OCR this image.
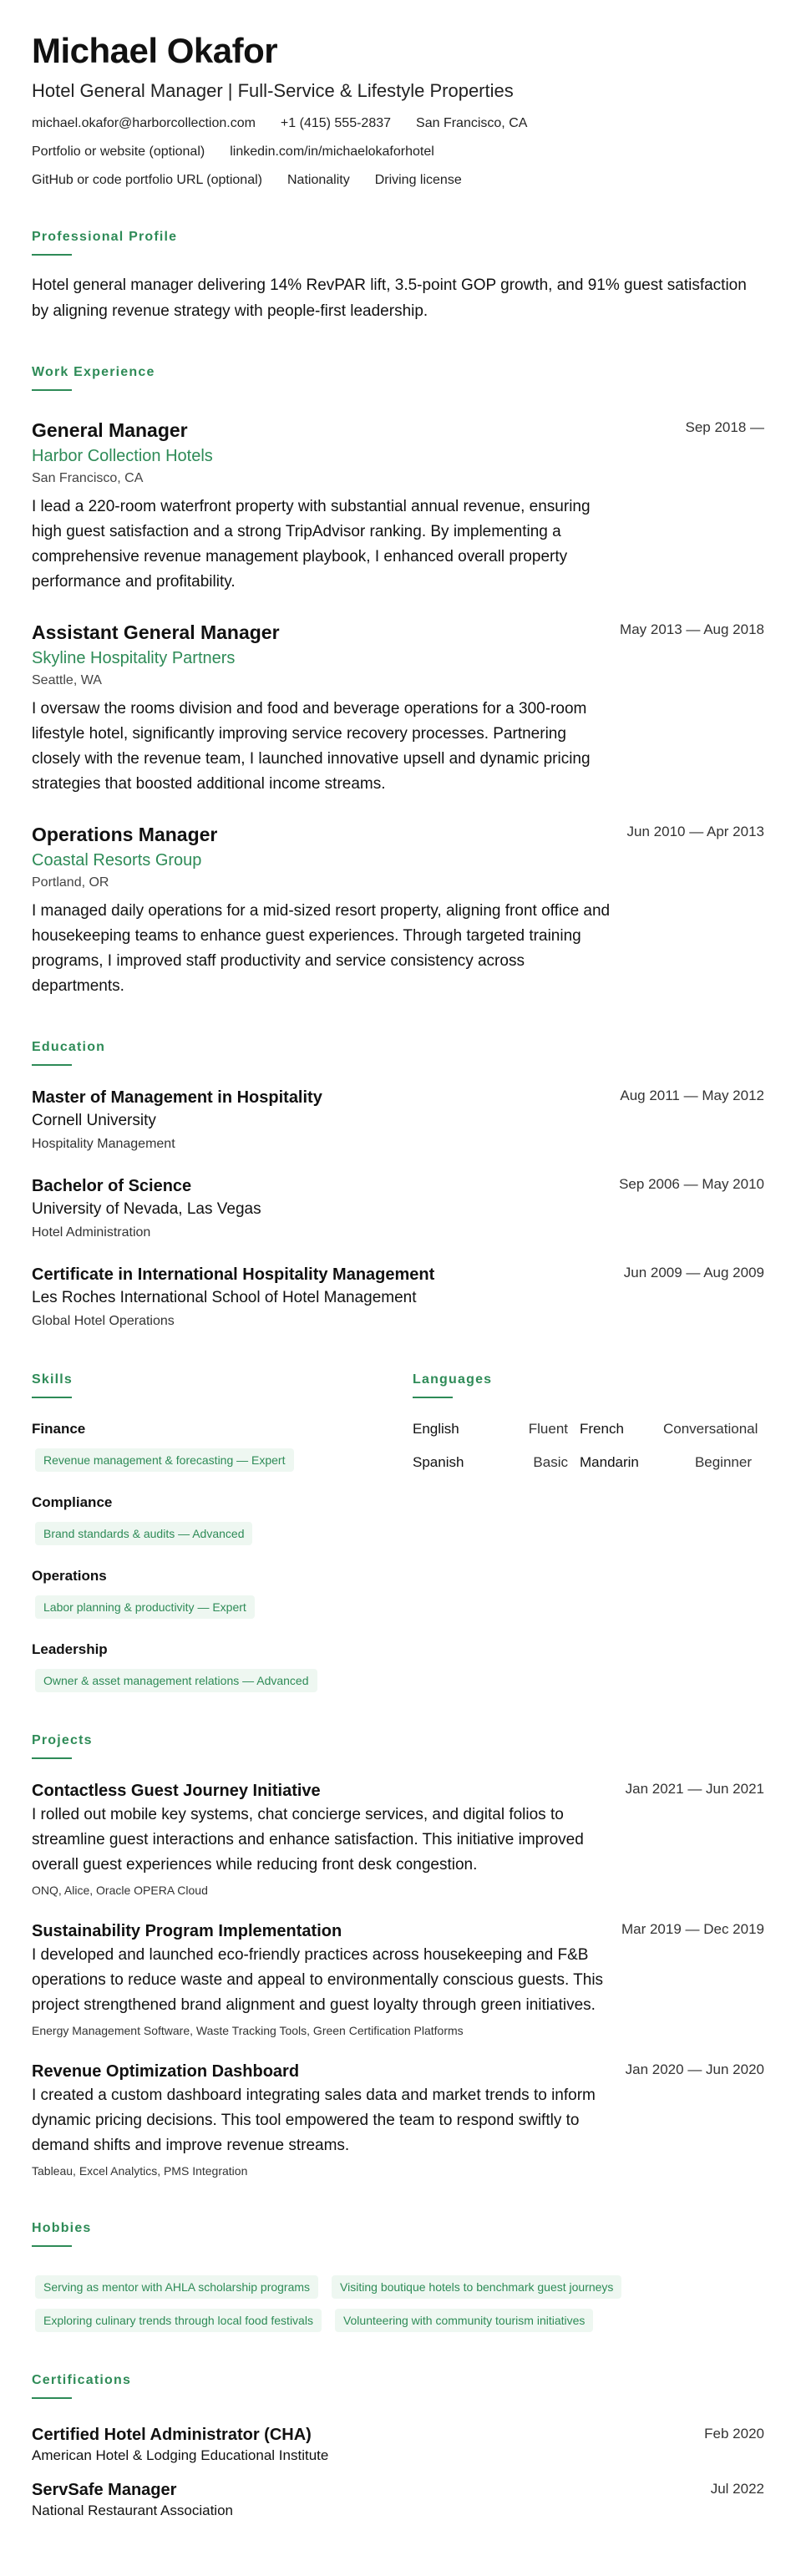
Michael Okafor
Hotel General Manager | Full-Service & Lifestyle Properties
michael.okafor@harborcollection.com +1 (415) 555-2837 San Francisco, CA
Portfolio or website (optional) linkedin.com/in/michaelokaforhotel
GitHub or code portfolio URL (optional) Nationality Driving license
Professional Profile
Hotel general manager delivering 14% RevPAR lift, 3.5-point GOP growth, and 91% guest satisfaction by aligning revenue strategy with people-first leadership.
Work Experience
General Manager
Harbor Collection Hotels
San Francisco, CA
I lead a 220-room waterfront property with substantial annual revenue, ensuring high guest satisfaction and a strong TripAdvisor ranking. By implementing a comprehensive revenue management playbook, I enhanced overall property performance and profitability.
Sep 2018 —
Assistant General Manager
Skyline Hospitality Partners
Seattle, WA
I oversaw the rooms division and food and beverage operations for a 300-room lifestyle hotel, significantly improving service recovery processes. Partnering closely with the revenue team, I launched innovative upsell and dynamic pricing strategies that boosted additional income streams.
May 2013 — Aug 2018
Operations Manager
Coastal Resorts Group
Portland, OR
I managed daily operations for a mid-sized resort property, aligning front office and housekeeping teams to enhance guest experiences. Through targeted training programs, I improved staff productivity and service consistency across departments.
Jun 2010 — Apr 2013
Education
Master of Management in Hospitality
Cornell University
Hospitality Management
Aug 2011 — May 2012
Bachelor of Science
University of Nevada, Las Vegas
Hotel Administration
Sep 2006 — May 2010
Certificate in International Hospitality Management
Les Roches International School of Hotel Management
Global Hotel Operations
Jun 2009 — Aug 2009
Skills
Finance
Revenue management & forecasting — Expert
Compliance
Brand standards & audits — Advanced
Operations
Labor planning & productivity — Expert
Leadership
Owner & asset management relations — Advanced
Languages
English	Fluent French	Conversational
Spanish	Basic Mandarin	Beginner
Projects
Contactless Guest Journey Initiative
I rolled out mobile key systems, chat concierge services, and digital folios to streamline guest interactions and enhance satisfaction. This initiative improved overall guest experiences while reducing front desk congestion.
ONQ, Alice, Oracle OPERA Cloud
Jan 2021 — Jun 2021
Sustainability Program Implementation
I developed and launched eco-friendly practices across housekeeping and F&B operations to reduce waste and appeal to environmentally conscious guests. This project strengthened brand alignment and guest loyalty through green initiatives.
Energy Management Software, Waste Tracking Tools, Green Certification Platforms
Mar 2019 — Dec 2019
Revenue Optimization Dashboard
I created a custom dashboard integrating sales data and market trends to inform dynamic pricing decisions. This tool empowered the team to respond swiftly to demand shifts and improve revenue streams.
Tableau, Excel Analytics, PMS Integration
Jan 2020 — Jun 2020
Hobbies
Serving as mentor with AHLA scholarship programs	Visiting boutique hotels to benchmark guest journeys
Exploring culinary trends through local food festivals	Volunteering with community tourism initiatives
Certifications
Certified Hotel Administrator (CHA)
American Hotel & Lodging Educational Institute
Feb 2020
ServSafe Manager
National Restaurant Association
Jul 2022
